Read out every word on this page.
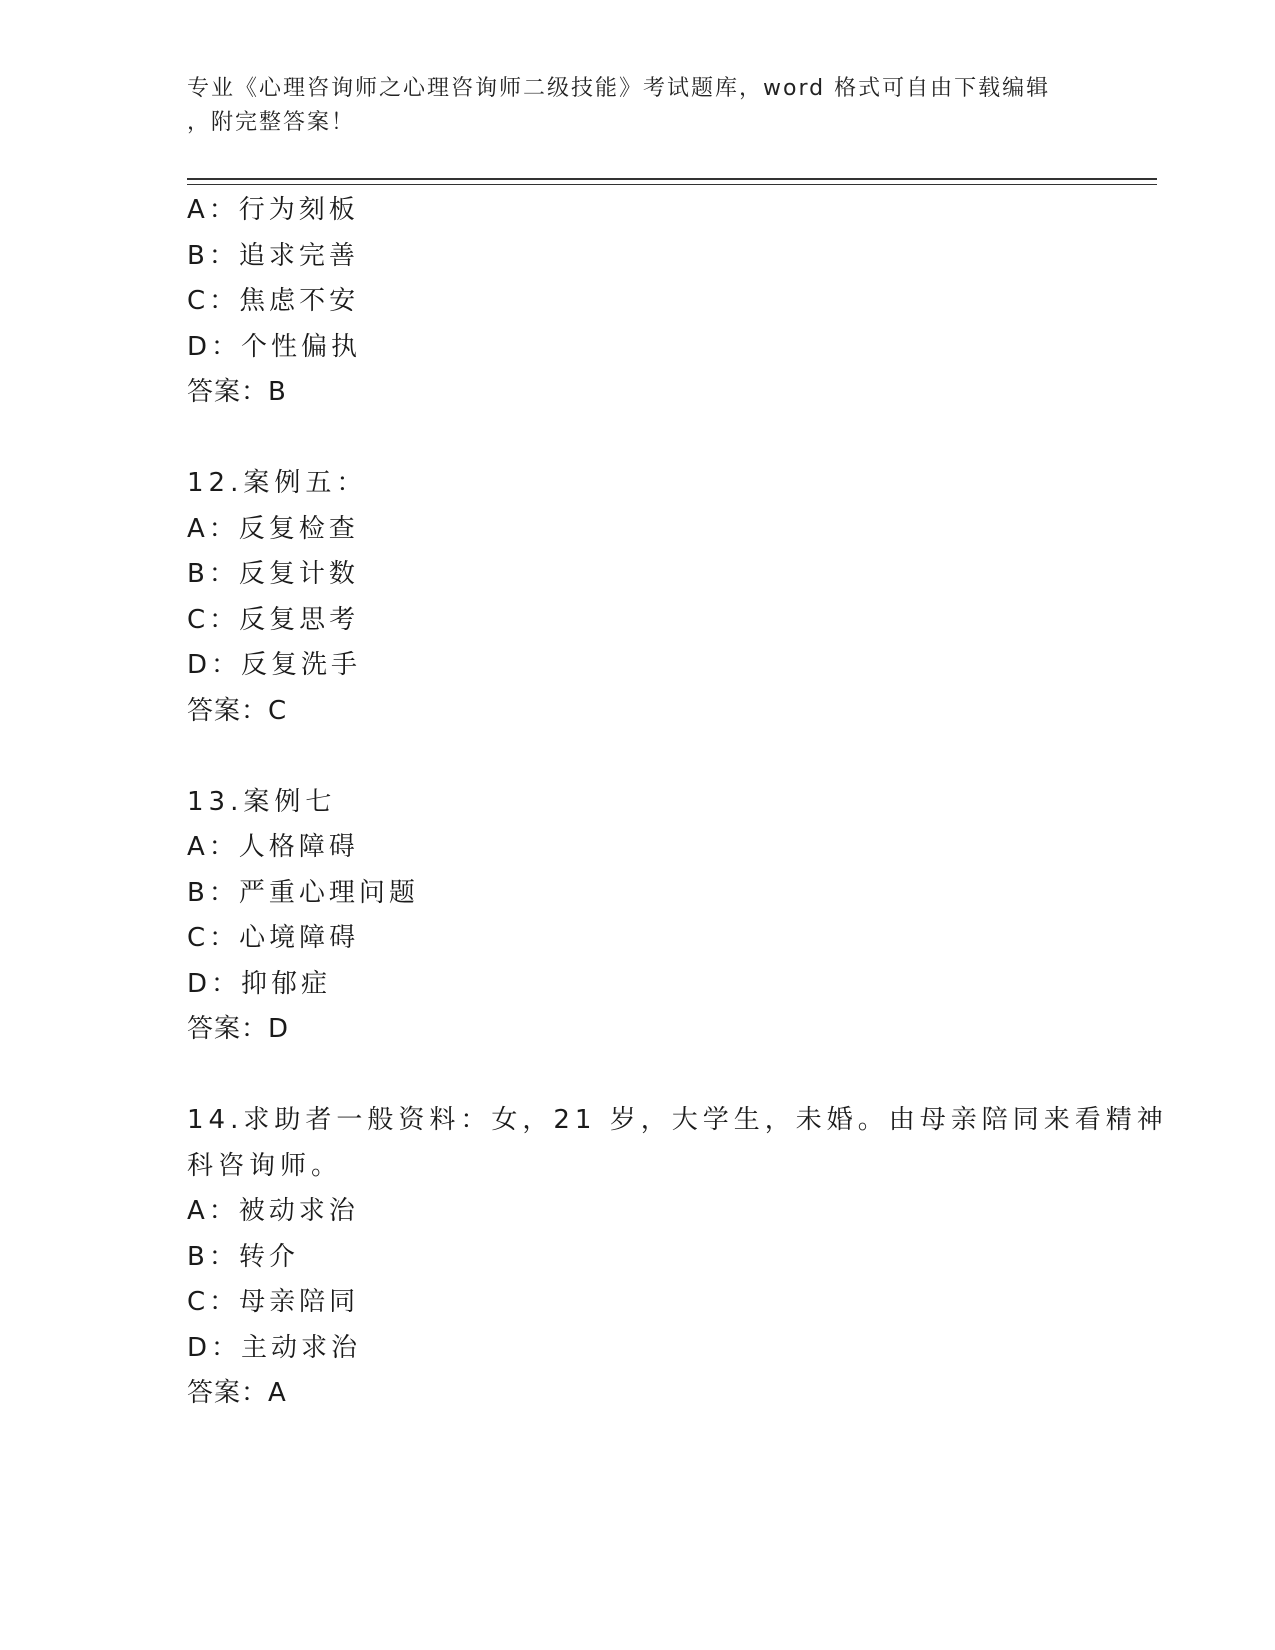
专业《心理咨询师之心理咨询师二级技能》考试题库，word 格式可自由下载编辑
，附完整答案！
A：行为刻板
B：追求完善
C：焦虑不安
D：个性偏执
答案：B
12.案例五：
A：反复检查
B：反复计数
C：反复思考
D：反复洗手
答案：C
13.案例七
A：人格障碍
B：严重心理问题
C：心境障碍
D：抑郁症
答案：D
14.求助者一般资料：女，21 岁，大学生，未婚。由母亲陪同来看精神
科咨询师。
A：被动求治
B：转介
C：母亲陪同
D：主动求治
答案：A
